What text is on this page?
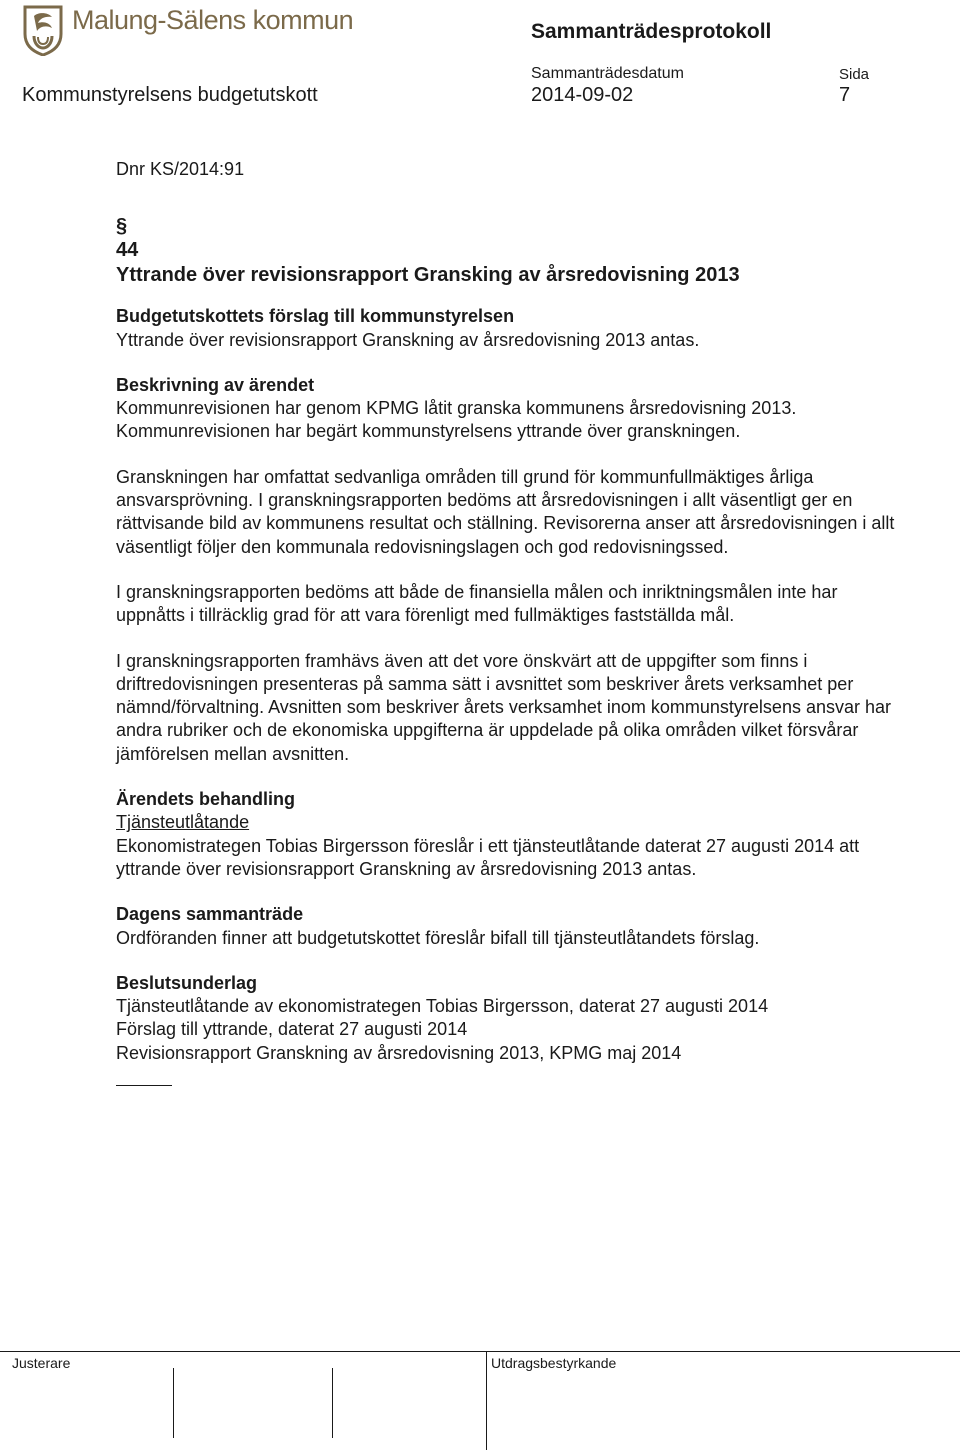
Malung-Sälens kommun	Sammanträdesprotokoll
Kommunstyrelsens budgetutskott
Sammanträdesdatum
2014-09-02
Sida
7

Dnr KS/2014:91

§
44

Yttrande över revisionsrapport Gransking av årsredovisning 2013

Budgetutskottets förslag till kommunstyrelsen

Yttrande över revisionsrapport Granskning av årsredovisning 2013 antas.

Beskrivning av ärendet

Kommunrevisionen har genom KPMG låtit granska kommunens årsredovisning 2013. Kommunrevisionen har begärt kommunstyrelsens yttrande över granskningen.

Granskningen har omfattat sedvanliga områden till grund för kommunfullmäktiges årliga ansvarsprövning. I granskningsrapporten bedöms att årsredovisningen i allt väsentligt ger en rättvisande bild av kommunens resultat och ställning. Revisorerna anser att årsredovisningen i allt väsentligt följer den kommunala redovisningslagen och god redovisningssed.

I granskningsrapporten bedöms att både de finansiella målen och inriktningsmålen inte har uppnåtts i tillräcklig grad för att vara förenligt med fullmäktiges fastställda mål.

I granskningsrapporten framhävs även att det vore önskvärt att de uppgifter som finns i driftredovisningen presenteras på samma sätt i avsnittet som beskriver årets verksamhet per nämnd/förvaltning. Avsnitten som beskriver årets verksamhet inom kommunstyrelsens ansvar har andra rubriker och de ekonomiska uppgifterna är uppdelade på olika områden vilket försvårar jämförelsen mellan avsnitten.

Ärendets behandling

Tjänsteutlåtande

Ekonomistrategen Tobias Birgersson föreslår i ett tjänsteutlåtande daterat 27 augusti 2014 att yttrande över revisionsrapport Granskning av årsredovisning 2013 antas.

Dagens sammanträde

Ordföranden finner att budgetutskottet föreslår bifall till tjänsteutlåtandets förslag.

Beslutsunderlag

Tjänsteutlåtande av ekonomistrategen Tobias Birgersson, daterat 27 augusti 2014

Förslag till yttrande, daterat 27 augusti 2014

Revisionsrapport Granskning av årsredovisning 2013, KPMG maj 2014

Justerare	Utdragsbestyrkande
